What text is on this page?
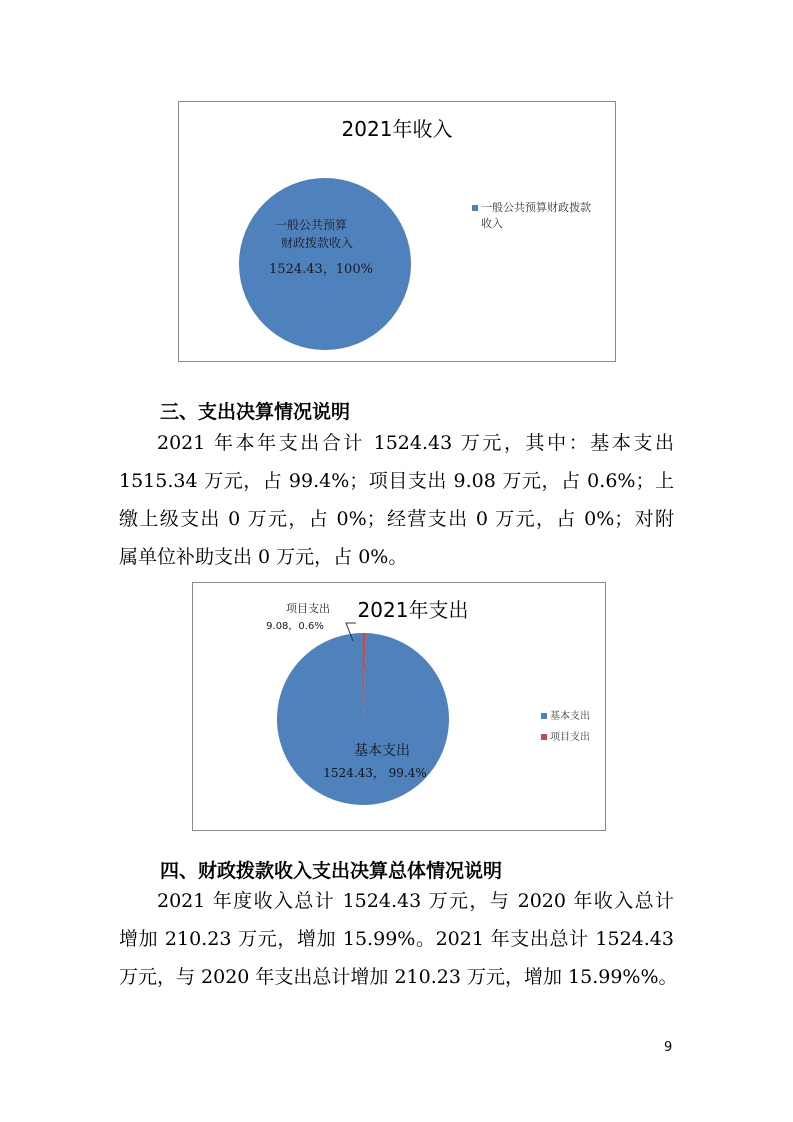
2021年收入
一般公共预算
财政拨款收入
1524.43，100%
一般公共预算财政拨款
收入
三、支出决算情况说明
2021 年本年支出合计 1524.43 万元，其中：基本支出
1515.34 万元，占 99.4%；项目支出 9.08 万元，占 0.6%；上
缴上级支出 0 万元，占 0%；经营支出 0 万元，占 0%；对附
属单位补助支出 0 万元，占 0%。
2021年支出
项目支出
9.08，0.6%
基本支出
1524.43， 99.4%
基本支出
项目支出
四、财政拨款收入支出决算总体情况说明
2021 年度收入总计 1524.43 万元，与 2020 年收入总计
增加 210.23 万元，增加 15.99%。2021 年支出总计 1524.43
万元，与 2020 年支出总计增加 210.23 万元，增加 15.99%%。
9
